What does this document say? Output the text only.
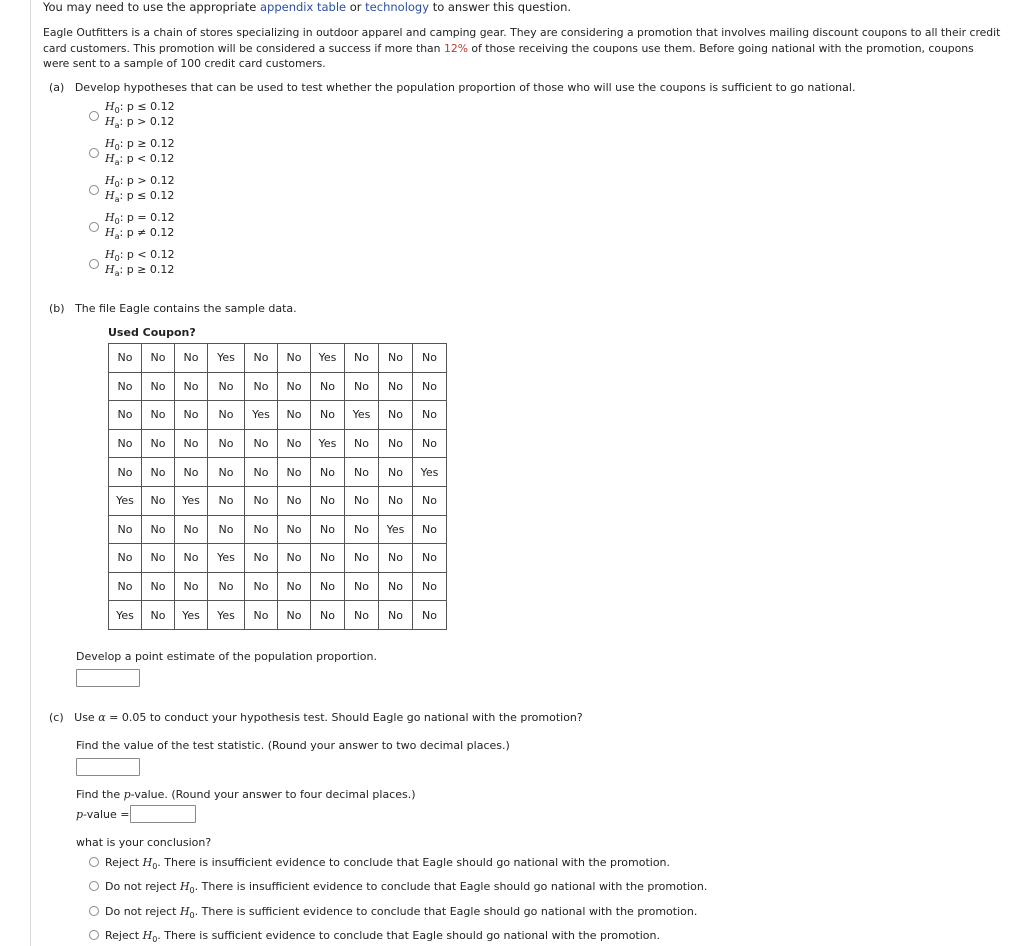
You may need to use the appropriate appendix table or technology to answer this question.
Eagle Outfitters is a chain of stores specializing in outdoor apparel and camping gear. They are considering a promotion that involves mailing discount coupons to all their credit card customers. This promotion will be considered a success if more than 12% of those receiving the coupons use them. Before going national with the promotion, coupons were sent to a sample of 100 credit card customers.
(a) Develop hypotheses that can be used to test whether the population proportion of those who will use the coupons is sufficient to go national.
$H_0$: p ≤ 0.12
$H_a$: p > 0.12
$H_0$: p ≥ 0.12
$H_a$: p < 0.12
$H_0$: p > 0.12
$H_a$: p ≤ 0.12
$H_0$: p = 0.12
$H_a$: p ≠ 0.12
$H_0$: p < 0.12
$H_a$: p ≥ 0.12
(b) The file Eagle contains the sample data.
Used Coupon?
No	No	No	Yes	No	No	Yes	No	No	No
No	No	No	No	No	No	No	No	No	No
No	No	No	No	Yes	No	No	Yes	No	No
No	No	No	No	No	No	Yes	No	No	No
No	No	No	No	No	No	No	No	No	Yes
Yes	No	Yes	No	No	No	No	No	No	No
No	No	No	No	No	No	No	No	Yes	No
No	No	No	Yes	No	No	No	No	No	No
No	No	No	No	No	No	No	No	No	No
Yes	No	Yes	Yes	No	No	No	No	No	No
Develop a point estimate of the population proportion.
(c) Use α = 0.05 to conduct your hypothesis test. Should Eagle go national with the promotion?
Find the value of the test statistic. (Round your answer to two decimal places.)
Find the p-value. (Round your answer to four decimal places.)
p-value =
what is your conclusion?
Reject $H_0$. There is insufficient evidence to conclude that Eagle should go national with the promotion.
Do not reject $H_0$. There is insufficient evidence to conclude that Eagle should go national with the promotion.
Do not reject $H_0$. There is sufficient evidence to conclude that Eagle should go national with the promotion.
Reject $H_0$. There is sufficient evidence to conclude that Eagle should go national with the promotion.
